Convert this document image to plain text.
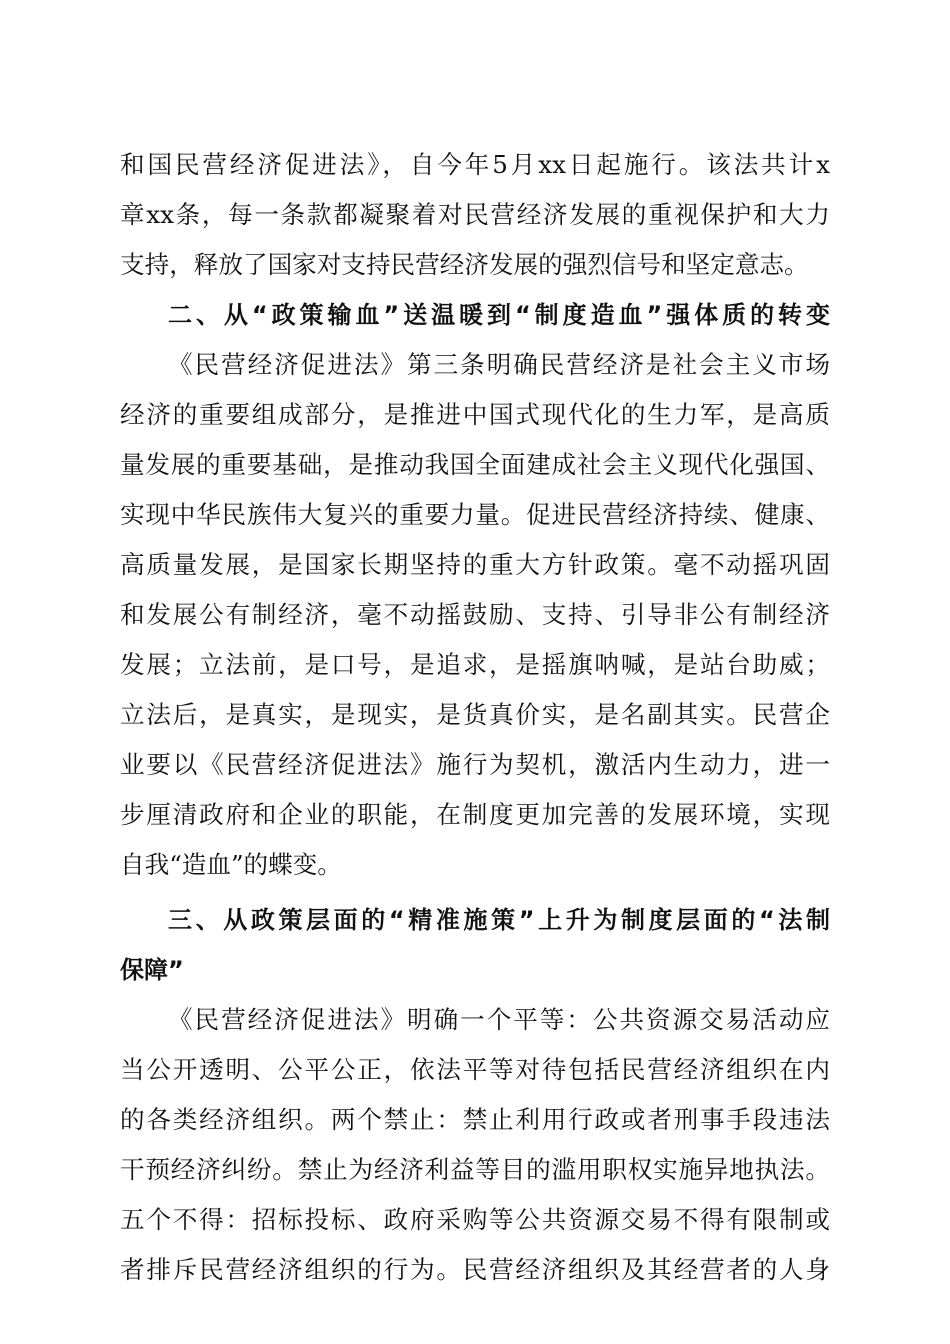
和国民营经济促进法》，自今年5月xx日起施行。该法共计x
章xx条，每一条款都凝聚着对民营经济发展的重视保护和大力
支持，释放了国家对支持民营经济发展的强烈信号和坚定意志。
二、从“政策输血”送温暖到“制度造血”强体质的转变
《民营经济促进法》第三条明确民营经济是社会主义市场
经济的重要组成部分，是推进中国式现代化的生力军，是高质
量发展的重要基础，是推动我国全面建成社会主义现代化强国、
实现中华民族伟大复兴的重要力量。促进民营经济持续、健康、
高质量发展，是国家长期坚持的重大方针政策。毫不动摇巩固
和发展公有制经济，毫不动摇鼓励、支持、引导非公有制经济
发展；立法前，是口号，是追求，是摇旗呐喊，是站台助威；
立法后，是真实，是现实，是货真价实，是名副其实。民营企
业要以《民营经济促进法》施行为契机，激活内生动力，进一
步厘清政府和企业的职能，在制度更加完善的发展环境，实现
自我“造血”的蝶变。
三、从政策层面的“精准施策”上升为制度层面的“法制
保障”
《民营经济促进法》明确一个平等：公共资源交易活动应
当公开透明、公平公正，依法平等对待包括民营经济组织在内
的各类经济组织。两个禁止：禁止利用行政或者刑事手段违法
干预经济纠纷。禁止为经济利益等目的滥用职权实施异地执法。
五个不得：招标投标、政府采购等公共资源交易不得有限制或
者排斥民营经济组织的行为。民营经济组织及其经营者的人身
